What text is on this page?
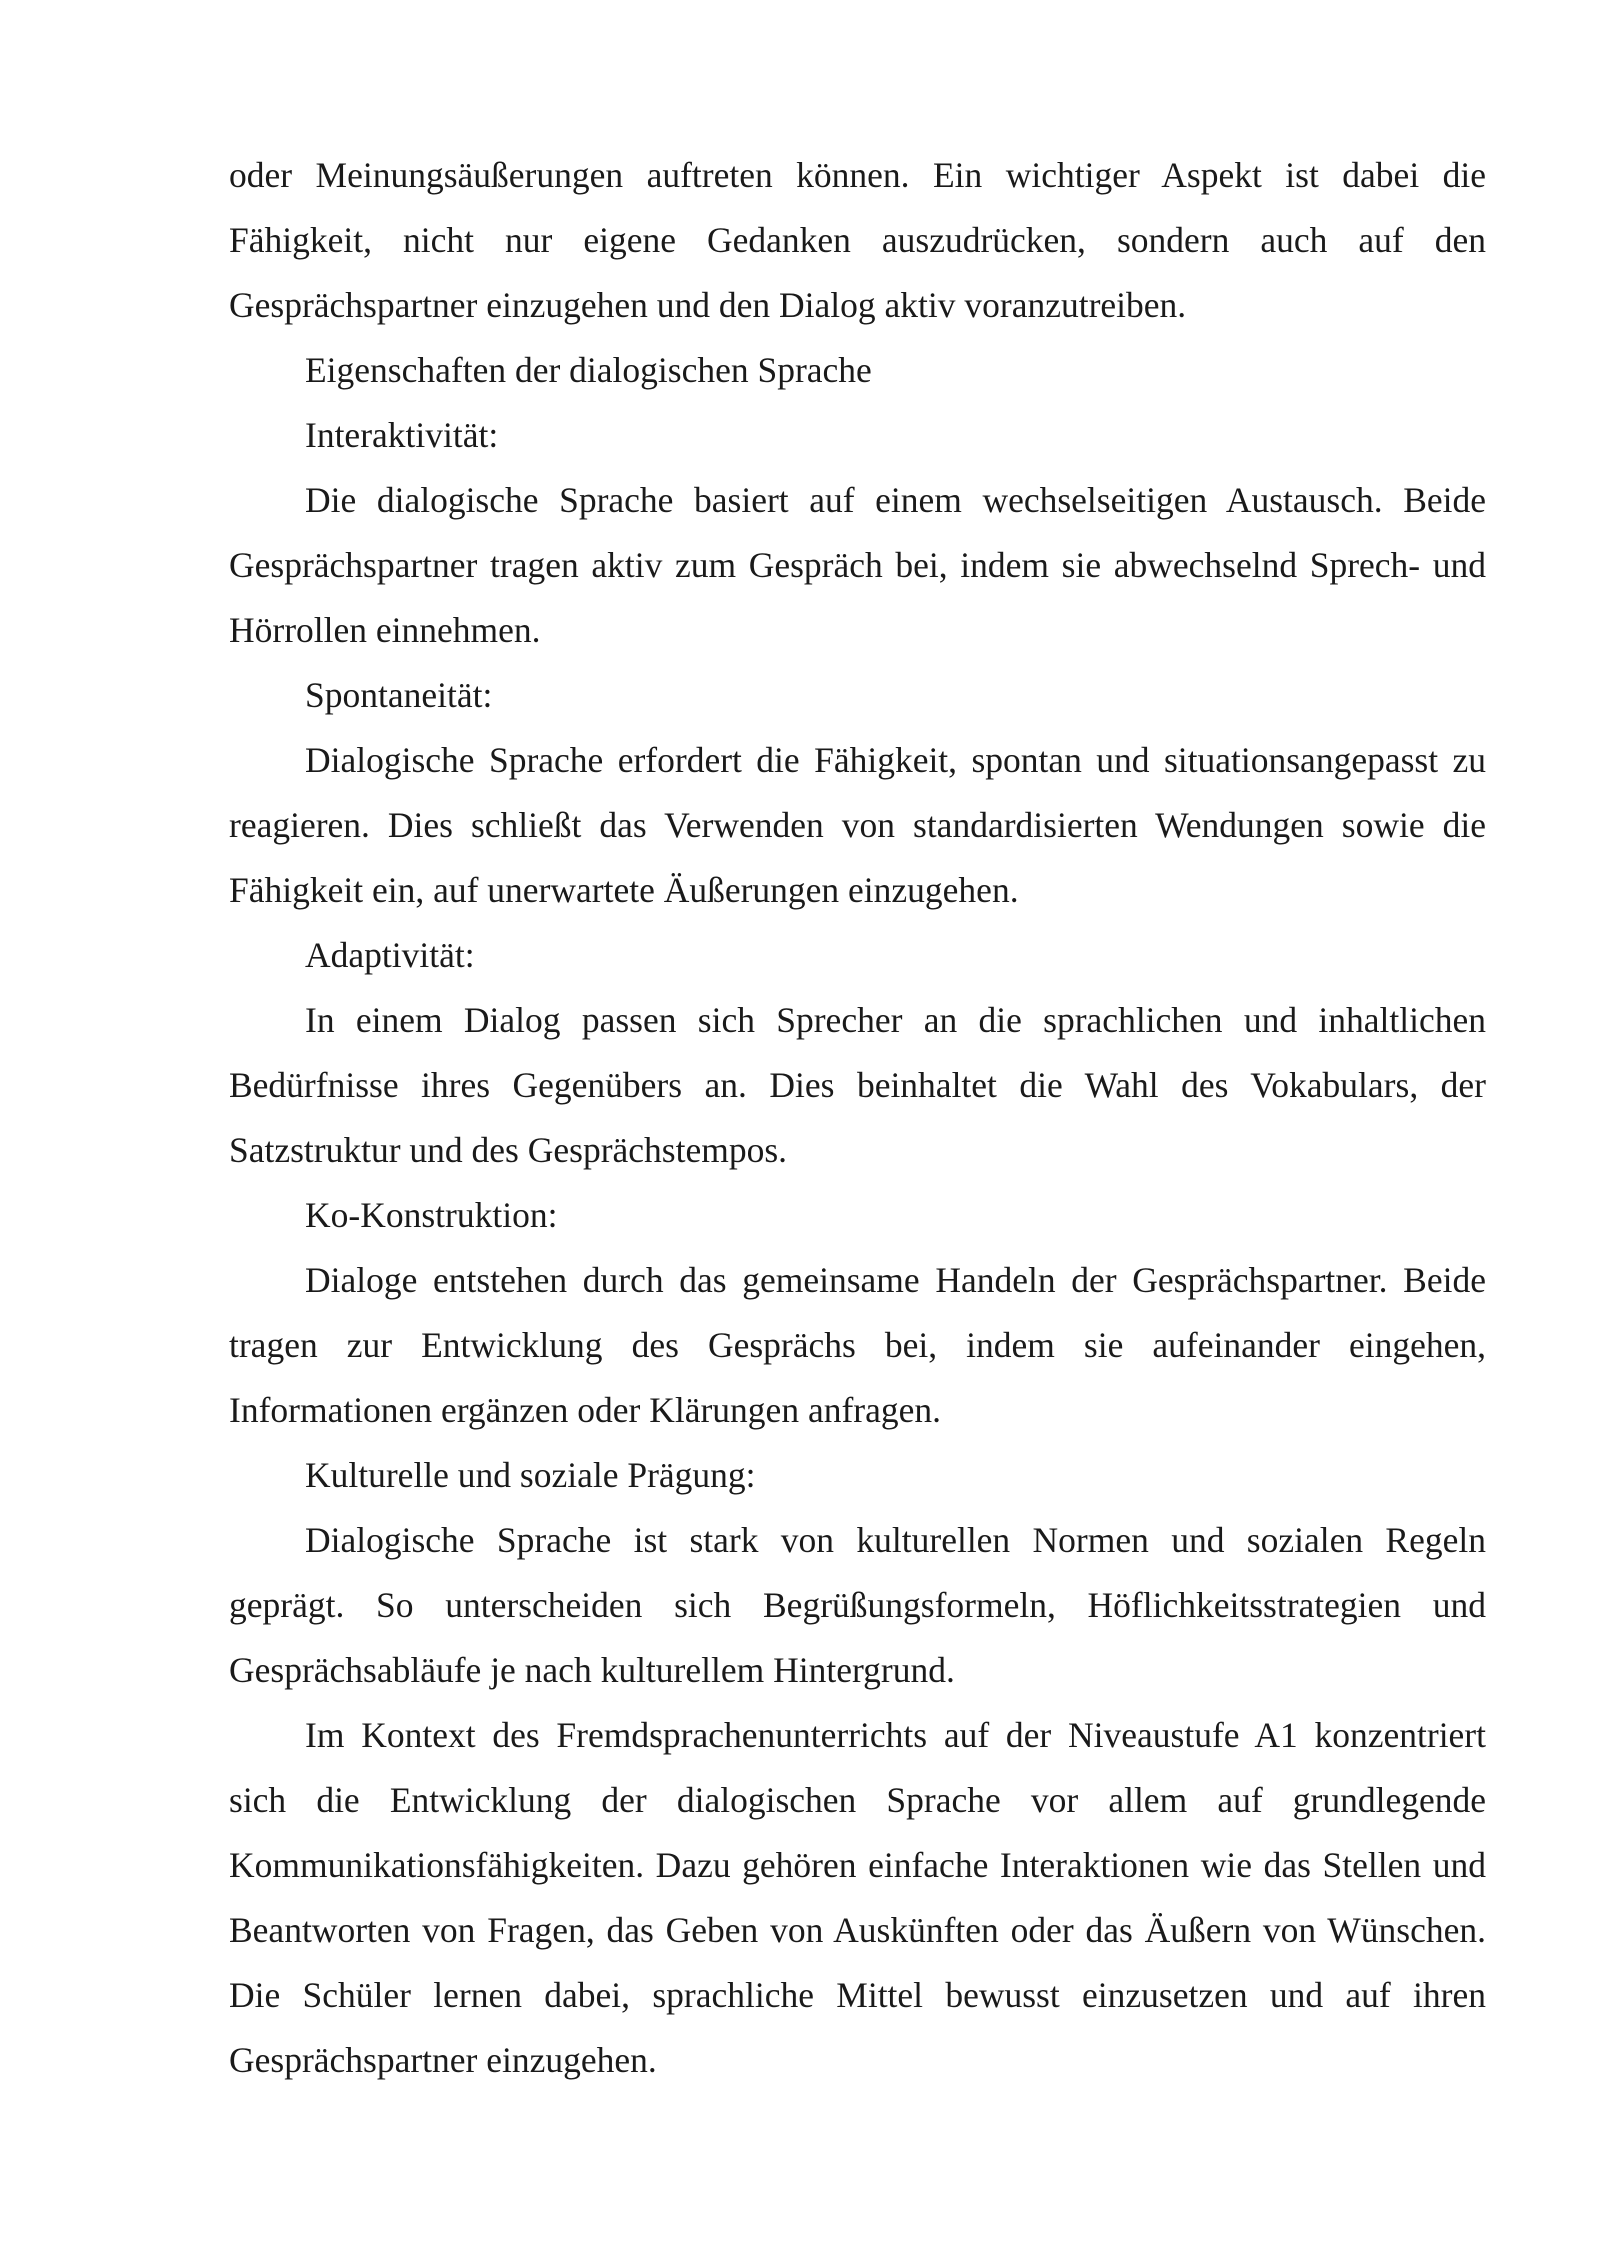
oder Meinungsäußerungen auftreten können. Ein wichtiger Aspekt ist dabei die Fähigkeit, nicht nur eigene Gedanken auszudrücken, sondern auch auf den Gesprächspartner einzugehen und den Dialog aktiv voranzutreiben.

Eigenschaften der dialogischen Sprache

Interaktivität:

Die dialogische Sprache basiert auf einem wechselseitigen Austausch. Beide Gesprächspartner tragen aktiv zum Gespräch bei, indem sie abwechselnd Sprech- und Hörrollen einnehmen.

Spontaneität:

Dialogische Sprache erfordert die Fähigkeit, spontan und situationsangepasst zu reagieren. Dies schließt das Verwenden von standardisierten Wendungen sowie die Fähigkeit ein, auf unerwartete Äußerungen einzugehen.

Adaptivität:

In einem Dialog passen sich Sprecher an die sprachlichen und inhaltlichen Bedürfnisse ihres Gegenübers an. Dies beinhaltet die Wahl des Vokabulars, der Satzstruktur und des Gesprächstempos.

Ko-Konstruktion:

Dialoge entstehen durch das gemeinsame Handeln der Gesprächspartner. Beide tragen zur Entwicklung des Gesprächs bei, indem sie aufeinander eingehen, Informationen ergänzen oder Klärungen anfragen.

Kulturelle und soziale Prägung:

Dialogische Sprache ist stark von kulturellen Normen und sozialen Regeln geprägt. So unterscheiden sich Begrüßungsformeln, Höflichkeitsstrategien und Gesprächsabläufe je nach kulturellem Hintergrund.

Im Kontext des Fremdsprachenunterrichts auf der Niveaustufe A1 konzentriert sich die Entwicklung der dialogischen Sprache vor allem auf grundlegende Kommunikationsfähigkeiten. Dazu gehören einfache Interaktionen wie das Stellen und Beantworten von Fragen, das Geben von Auskünften oder das Äußern von Wünschen. Die Schüler lernen dabei, sprachliche Mittel bewusst einzusetzen und auf ihren Gesprächspartner einzugehen.
